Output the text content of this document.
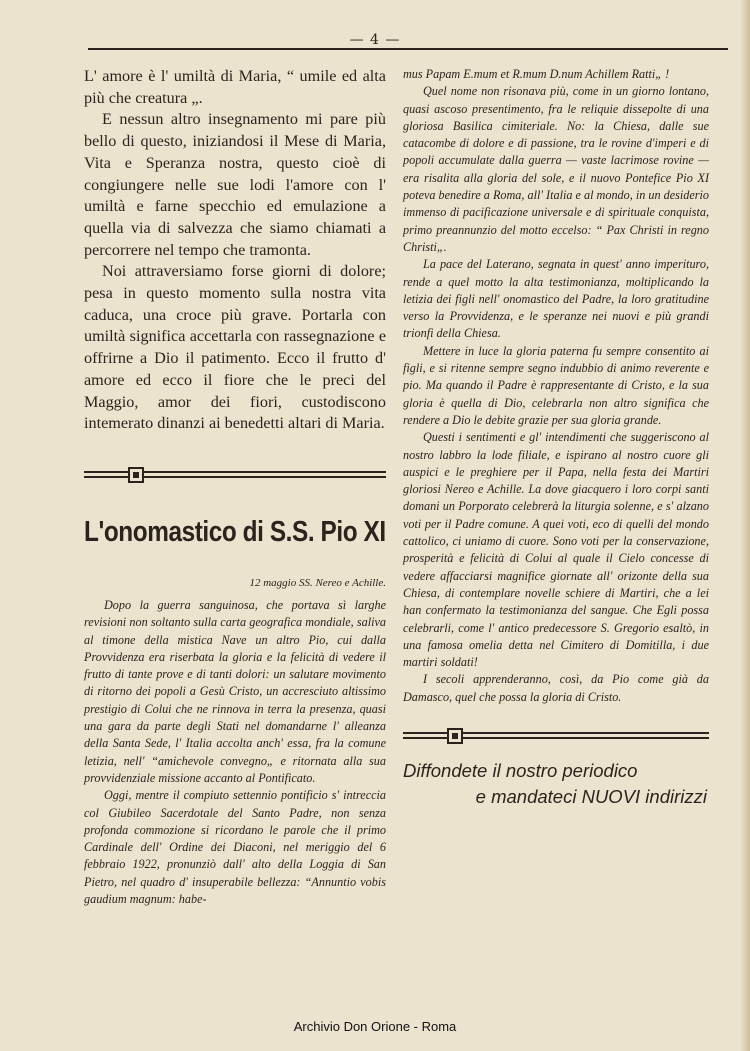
— 4 —

L' amore è l' umiltà di Maria, “ umile ed alta più che creatura „.

E nessun altro insegnamento mi pare più bello di questo, iniziandosi il Mese di Maria, Vita e Speranza nostra, questo cioè di congiungere nelle sue lodi l'amore con l' umiltà e farne specchio ed emulazione a quella via di salvezza che siamo chiamati a percorrere nel tempo che tramonta.

Noi attraversiamo forse giorni di dolore; pesa in questo momento sulla nostra vita caduca, una croce più grave. Portarla con umiltà significa accettarla con rassegnazione e offrirne a Dio il patimento. Ecco il frutto d' amore ed ecco il fiore che le preci del Maggio, amor dei fiori, custodiscono intemerato dinanzi ai benedetti altari di Maria.

L'onomastico di S.S. Pio XI

12 maggio SS. Nereo e Achille.

Dopo la guerra sanguinosa, che portava sì larghe revisioni non soltanto sulla carta geografica mondiale, saliva al timone della mistica Nave un altro Pio, cui dalla Provvidenza era riserbata la gloria e la felicità di vedere il frutto di tante prove e di tanti dolori: un salutare movimento di ritorno dei popoli a Gesù Cristo, un accresciuto altissimo prestigio di Colui che ne rinnova in terra la presenza, quasi una gara da parte degli Stati nel domandarne l' alleanza della Santa Sede, l' Italia accolta anch' essa, fra la comune letizia, nell' “amichevole convegno„ e ritornata alla sua provvidenziale missione accanto al Pontificato.

Oggi, mentre il compiuto settennio pontificio s' intreccia col Giubileo Sacerdotale del Santo Padre, non senza profonda commozione si ricordano le parole che il primo Cardinale dell' Ordine dei Diaconi, nel meriggio del 6 febbraio 1922, pronunziò dall' alto della Loggia di San Pietro, nel quadro d' insuperabile bellezza: “Annuntio vobis gaudium magnum: habe-

mus Papam E.mum et R.mum D.num Achillem Ratti„ !

Quel nome non risonava più, come in un giorno lontano, quasi ascoso presentimento, fra le reliquie dissepolte di una gloriosa Basilica cimiteriale. No: la Chiesa, dalle sue catacombe di dolore e di passione, tra le rovine d'imperi e di popoli accumulate dalla guerra — vaste lacrimose rovine — era risalita alla gloria del sole, e il nuovo Pontefice Pio XI poteva benedire a Roma, all' Italia e al mondo, in un desiderio immenso di pacificazione universale e di spirituale conquista, primo preannunzio del motto eccelso: “ Pax Christi in regno Christi„.

La pace del Laterano, segnata in quest' anno imperituro, rende a quel motto la alta testimonianza, moltiplicando la letizia dei figli nell' onomastico del Padre, la loro gratitudine verso la Provvidenza, e le speranze nei nuovi e più grandi trionfi della Chiesa.

Mettere in luce la gloria paterna fu sempre consentito ai figli, e si ritenne sempre segno indubbio di animo reverente e pio. Ma quando il Padre è rappresentante di Cristo, e la sua gloria è quella di Dio, celebrarla non altro significa che rendere a Dio le debite grazie per sua gloria grande.

Questi i sentimenti e gl' intendimenti che suggeriscono al nostro labbro la lode filiale, e ispirano al nostro cuore gli auspici e le preghiere per il Papa, nella festa dei Martiri gloriosi Nereo e Achille. La dove giacquero i loro corpi santi domani un Porporato celebrerà la liturgia solenne, e s' alzano voti per il Padre comune. A quei voti, eco di quelli del mondo cattolico, ci uniamo di cuore. Sono voti per la conservazione, prosperità e felicità di Colui al quale il Cielo concesse di vedere affacciarsi magnifice giornate all' orizonte della sua Chiesa, di contemplare novelle schiere di Martiri, che a lei han confermato la testimonianza del sangue. Che Egli possa celebrarli, come l' antico predecessore S. Gregorio esaltò, in una famosa omelia detta nel Cimitero di Domitilla, i due martiri soldati!

I secoli apprenderanno, così, da Pio come già da Damasco, quel che possa la gloria di Cristo.

Diffondete il nostro periodico

e mandateci NUOVI indirizzi

Archivio Don Orione - Roma
